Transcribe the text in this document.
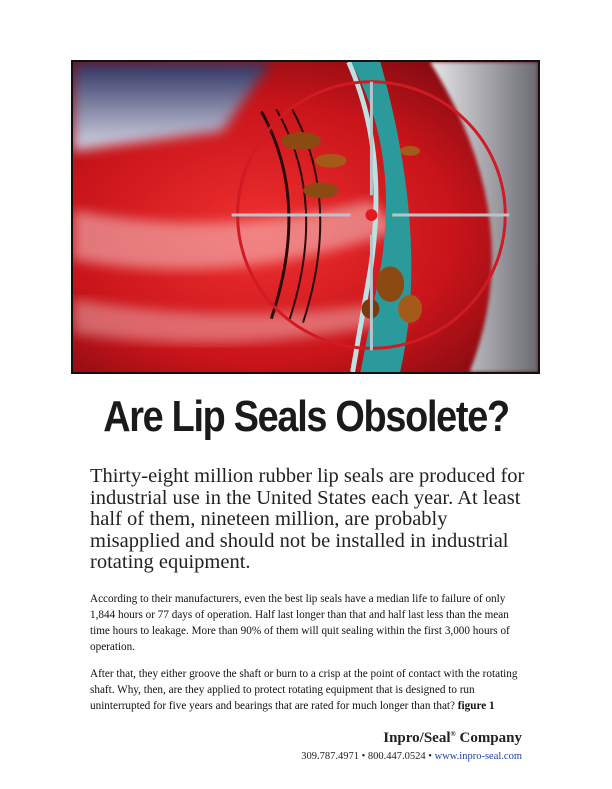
Are Lip Seals Obsolete?

Thirty-eight million rubber lip seals are produced for industrial use in the United States each year. At least half of them, nineteen million, are probably misapplied and should not be installed in industrial rotating equipment.

According to their manufacturers, even the best lip seals have a median life to failure of only 1,844 hours or 77 days of operation. Half last longer than that and half last less than the mean time hours to leakage. More than 90% of them will quit sealing within the first 3,000 hours of operation.

After that, they either groove the shaft or burn to a crisp at the point of contact with the rotating shaft. Why, then, are they applied to protect rotating equipment that is designed to run uninterrupted for five years and bearings that are rated for much longer than that? figure 1

Inpro/Seal® Company
309.787.4971 • 800.447.0524 • www.inpro-seal.com
